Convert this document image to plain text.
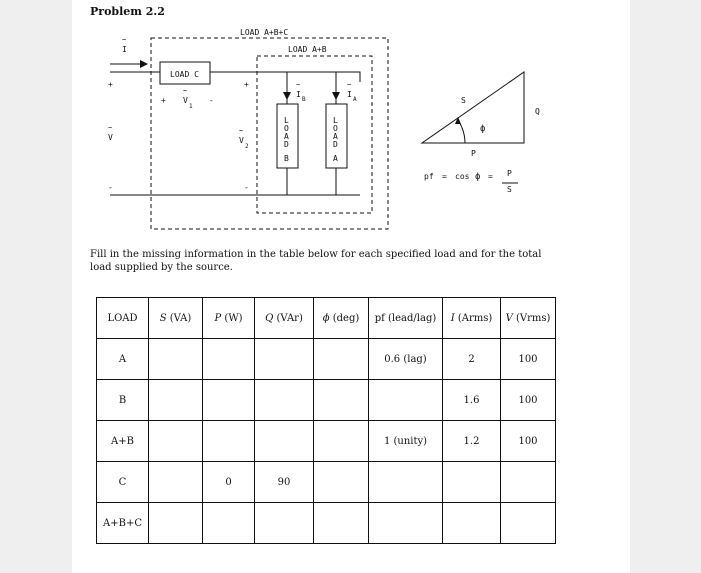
Problem 2.2
LOAD A+B+C
LOAD A+B
LOAD C
~
I
+
~
V
-
+
~
V
1
-
+
~
V
2
-
~
I
B
~
I
A
L
O
A
D
B
L
O
A
D
A
S
Q
P
ϕ
pf = cos ϕ = P
S
Fill in the missing information in the table below for each specified load and for the total load supplied by the source.
LOAD	S (VA)	P (W)	Q (VAr)	ϕ (deg)	pf (lead/lag)	I (Arms)	V (Vrms)
A					0.6 (lag)	2	100
B						1.6	100
A+B					1 (unity)	1.2	100
C		0	90				
A+B+C							
